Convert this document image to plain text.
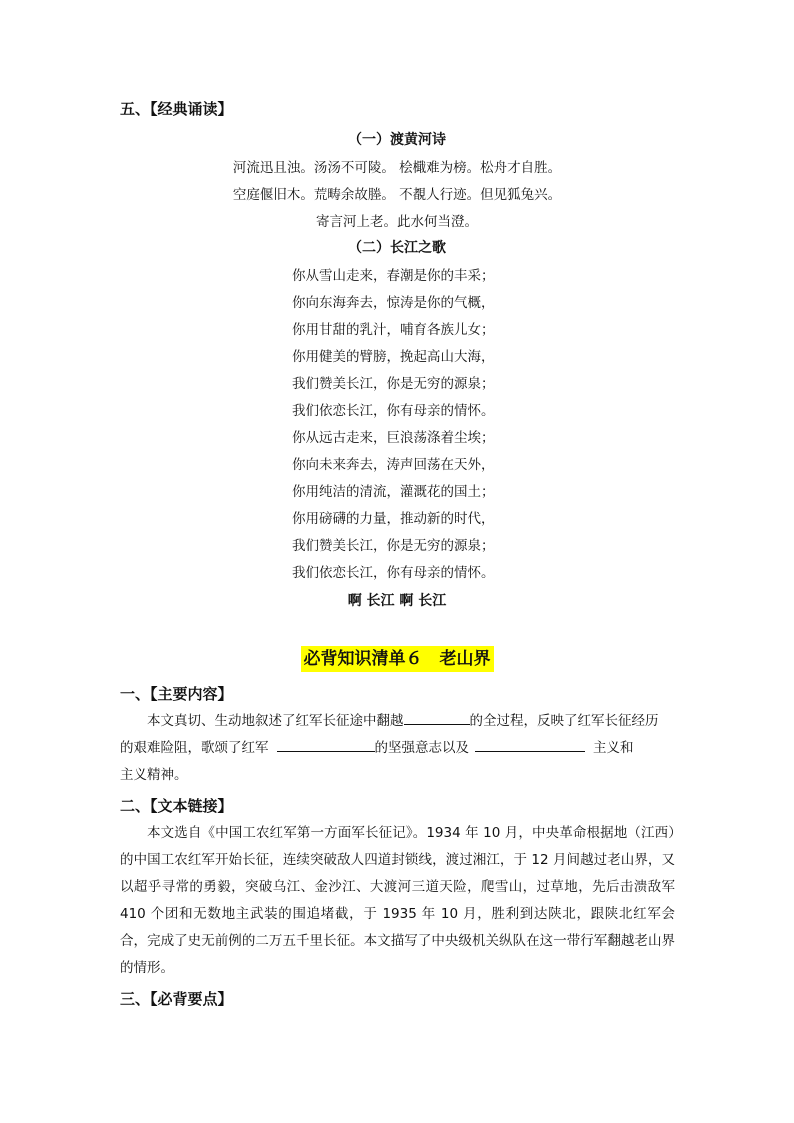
五、【经典诵读】
（一）渡黄河诗
河流迅且浊。汤汤不可陵。 桧檝难为榜。松舟才自胜。
空庭偃旧木。荒畴余故塍。 不覩人行迹。但见狐兔兴。
寄言河上老。此水何当澄。
（二）长江之歌
你从雪山走来，春潮是你的丰采；
你向东海奔去，惊涛是你的气概，
你用甘甜的乳汁，哺育各族儿女；
你用健美的臂膀，挽起高山大海，
我们赞美长江，你是无穷的源泉；
我们依恋长江，你有母亲的情怀。
你从远古走来，巨浪荡涤着尘埃；
你向未来奔去，涛声回荡在天外，
你用纯洁的清流，灌溉花的国土；
你用磅礴的力量，推动新的时代，
我们赞美长江，你是无穷的源泉；
我们依恋长江，你有母亲的情怀。
啊 长江 啊 长江
必背知识清单６　老山界
一、【主要内容】
本文真切、生动地叙述了红军长征途中翻越	的全过程，反映了红军长征经历
的艰难险阻，歌颂了红军	的坚强意志以及	主义和
主义精神。
二、【文本链接】
本文选自《中国工农红军第一方面军长征记》。1934 年 10 月，中央革命根据地（江西）的中国工农红军开始长征，连续突破敌人四道封锁线，渡过湘江，于 12 月间越过老山界，又以超乎寻常的勇毅，突破乌江、金沙江、大渡河三道天险，爬雪山，过草地，先后击溃敌军 410 个团和无数地主武装的围追堵截，于 1935 年 10 月，胜利到达陕北，跟陕北红军会合，完成了史无前例的二万五千里长征。本文描写了中央级机关纵队在这一带行军翻越老山界的情形。
三、【必背要点】
